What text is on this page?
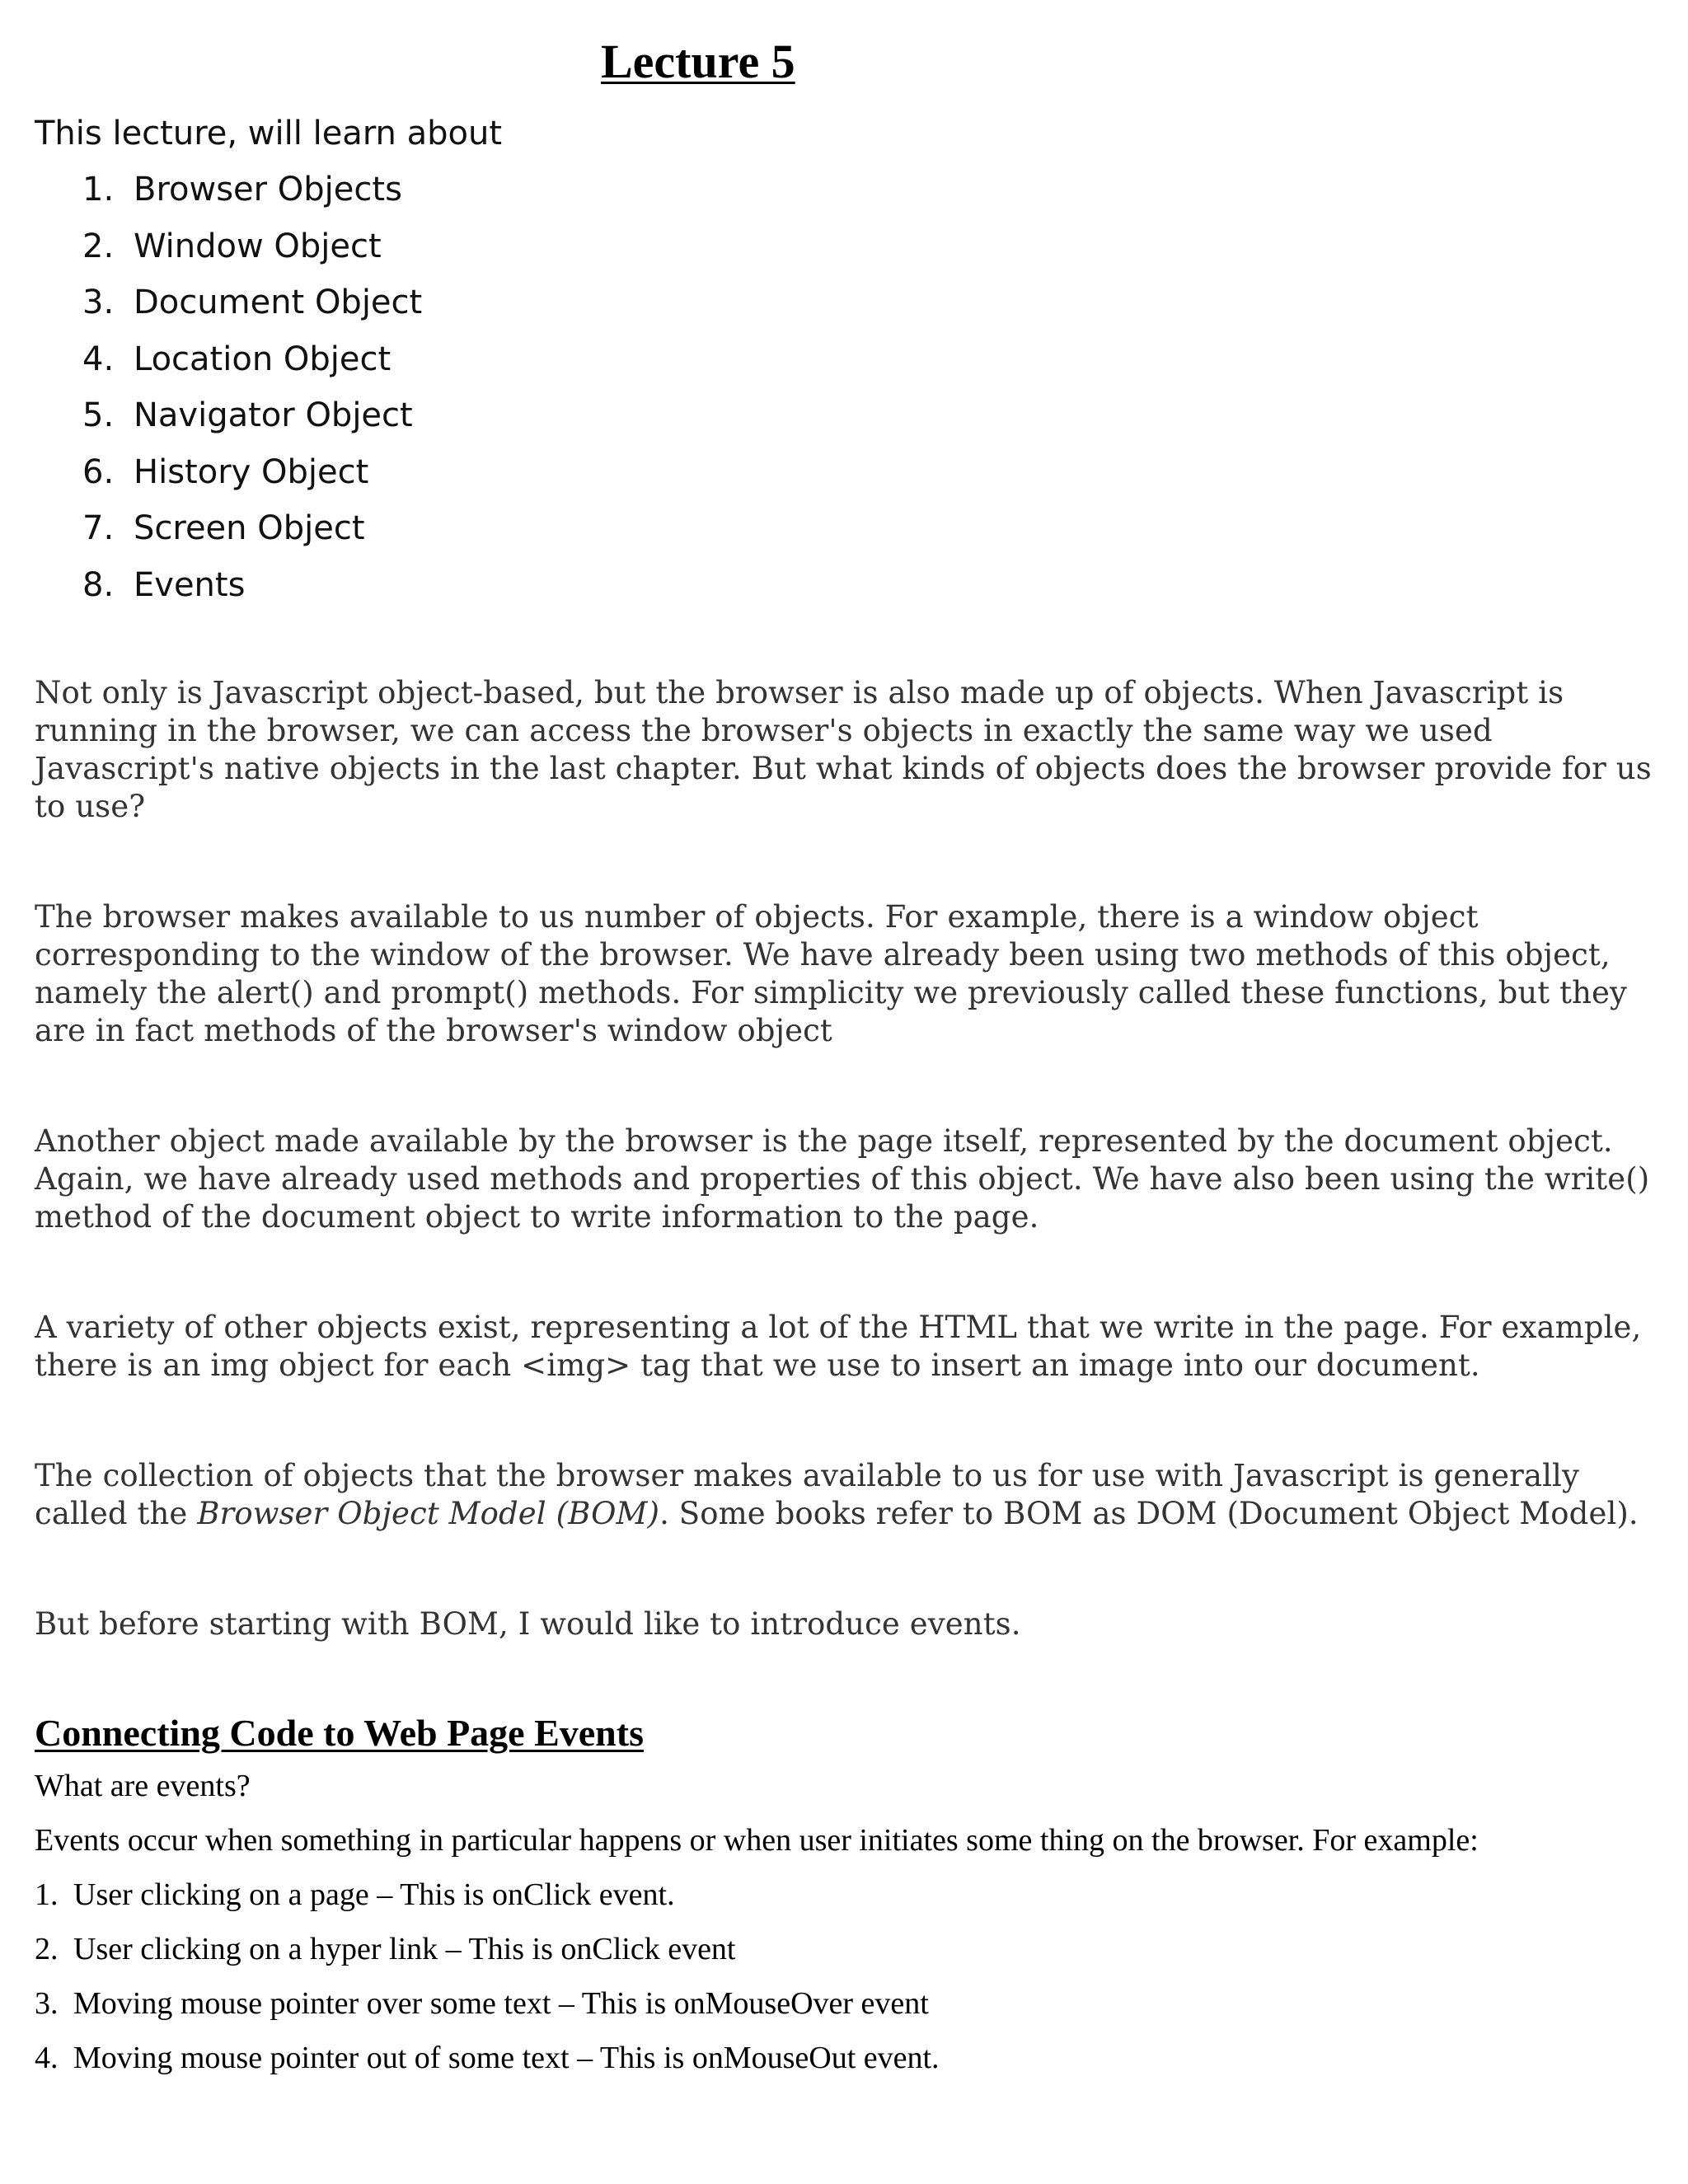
Lecture 5

This lecture, will learn about

1. Browser Objects
2. Window Object
3. Document Object
4. Location Object
5. Navigator Object
6. History Object
7. Screen Object
8. Events

Not only is Javascript object-based, but the browser is also made up of objects. When Javascript is running in the browser, we can access the browser's objects in exactly the same way we used Javascript's native objects in the last chapter. But what kinds of objects does the browser provide for us to use?

The browser makes available to us number of objects. For example, there is a window object corresponding to the window of the browser. We have already been using two methods of this object, namely the alert() and prompt() methods. For simplicity we previously called these functions, but they are in fact methods of the browser's window object

Another object made available by the browser is the page itself, represented by the document object. Again, we have already used methods and properties of this object. We have also been using the write() method of the document object to write information to the page.

A variety of other objects exist, representing a lot of the HTML that we write in the page. For example, there is an img object for each <img> tag that we use to insert an image into our document.

The collection of objects that the browser makes available to us for use with Javascript is generally called the Browser Object Model (BOM). Some books refer to BOM as DOM (Document Object Model).

But before starting with BOM, I would like to introduce events.

Connecting Code to Web Page Events

What are events?

Events occur when something in particular happens or when user initiates some thing on the browser. For example:

1. User clicking on a page – This is onClick event.
2. User clicking on a hyper link – This is onClick event
3. Moving mouse pointer over some text – This is onMouseOver event
4. Moving mouse pointer out of some text – This is onMouseOut event.
